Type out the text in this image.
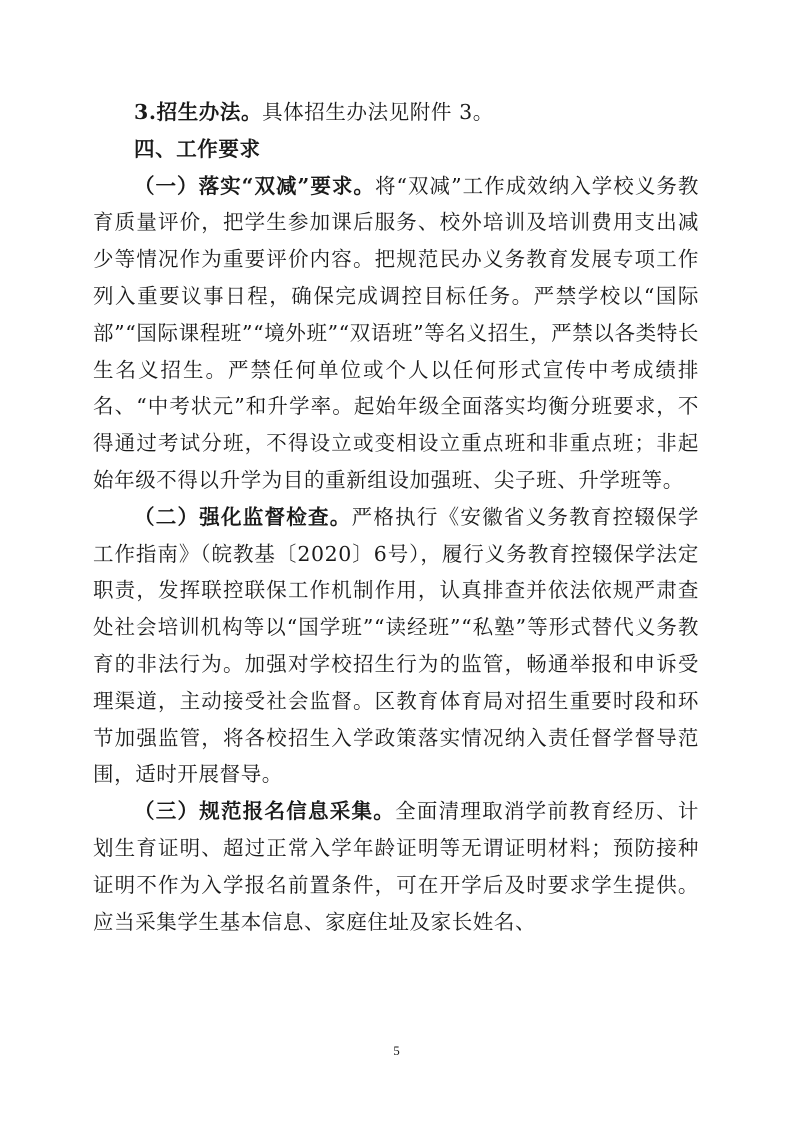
3.招生办法。具体招生办法见附件 3。

四、工作要求

（一）落实“双减”要求。将“双减”工作成效纳入学校义务教育质量评价，把学生参加课后服务、校外培训及培训费用支出减少等情况作为重要评价内容。把规范民办义务教育发展专项工作列入重要议事日程，确保完成调控目标任务。严禁学校以“国际部”“国际课程班”“境外班”“双语班”等名义招生，严禁以各类特长生名义招生。严禁任何单位或个人以任何形式宣传中考成绩排名、“中考状元”和升学率。起始年级全面落实均衡分班要求，不得通过考试分班，不得设立或变相设立重点班和非重点班；非起始年级不得以升学为目的重新组设加强班、尖子班、升学班等。

（二）强化监督检查。严格执行《安徽省义务教育控辍保学工作指南》（皖教基〔2020〕6号），履行义务教育控辍保学法定职责，发挥联控联保工作机制作用，认真排查并依法依规严肃查处社会培训机构等以“国学班”“读经班”“私塾”等形式替代义务教育的非法行为。加强对学校招生行为的监管，畅通举报和申诉受理渠道，主动接受社会监督。区教育体育局对招生重要时段和环节加强监管，将各校招生入学政策落实情况纳入责任督学督导范围，适时开展督导。

（三）规范报名信息采集。全面清理取消学前教育经历、计划生育证明、超过正常入学年龄证明等无谓证明材料；预防接种证明不作为入学报名前置条件，可在开学后及时要求学生提供。应当采集学生基本信息、家庭住址及家长姓名、

5
